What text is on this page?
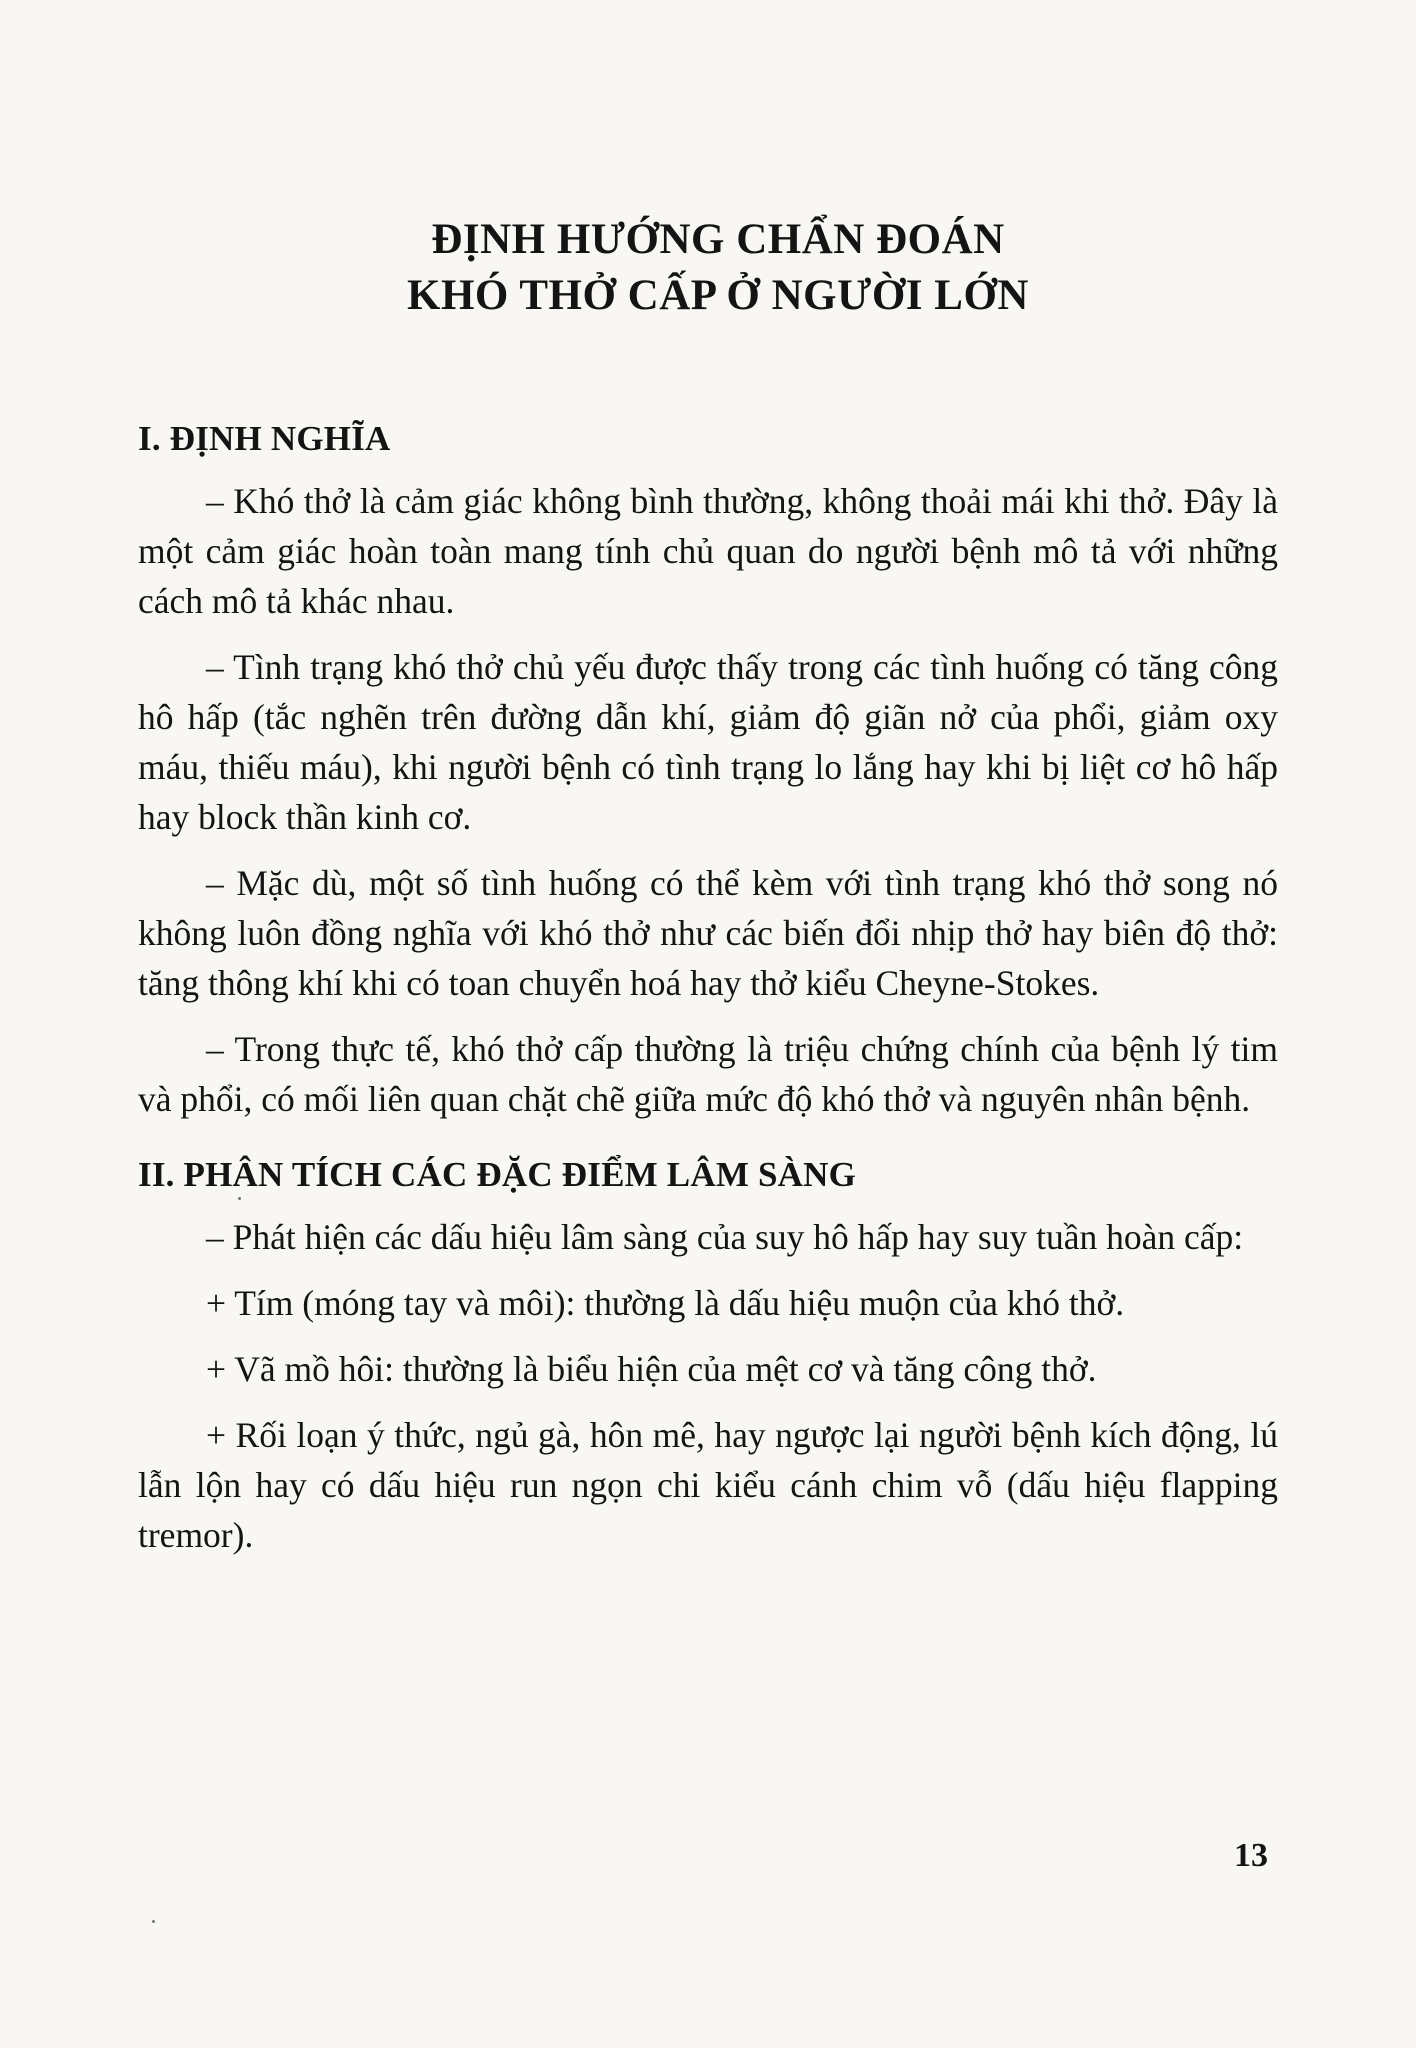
ĐỊNH HƯỚNG CHẨN ĐOÁN
KHÓ THỞ CẤP Ở NGƯỜI LỚN
I. ĐỊNH NGHĨA

– Khó thở là cảm giác không bình thường, không thoải mái khi thở. Đây là một cảm giác hoàn toàn mang tính chủ quan do người bệnh mô tả với những cách mô tả khác nhau.

– Tình trạng khó thở chủ yếu được thấy trong các tình huống có tăng công hô hấp (tắc nghẽn trên đường dẫn khí, giảm độ giãn nở của phổi, giảm oxy máu, thiếu máu), khi người bệnh có tình trạng lo lắng hay khi bị liệt cơ hô hấp hay block thần kinh cơ.

– Mặc dù, một số tình huống có thể kèm với tình trạng khó thở song nó không luôn đồng nghĩa với khó thở như các biến đổi nhịp thở hay biên độ thở: tăng thông khí khi có toan chuyển hoá hay thở kiểu Cheyne-Stokes.

– Trong thực tế, khó thở cấp thường là triệu chứng chính của bệnh lý tim và phổi, có mối liên quan chặt chẽ giữa mức độ khó thở và nguyên nhân bệnh.

II. PHÂN TÍCH CÁC ĐẶC ĐIỂM LÂM SÀNG

– Phát hiện các dấu hiệu lâm sàng của suy hô hấp hay suy tuần hoàn cấp:

+ Tím (móng tay và môi): thường là dấu hiệu muộn của khó thở.

+ Vã mồ hôi: thường là biểu hiện của mệt cơ và tăng công thở.

+ Rối loạn ý thức, ngủ gà, hôn mê, hay ngược lại người bệnh kích động, lú lẫn lộn hay có dấu hiệu run ngọn chi kiểu cánh chim vỗ (dấu hiệu flapping tremor).

13
